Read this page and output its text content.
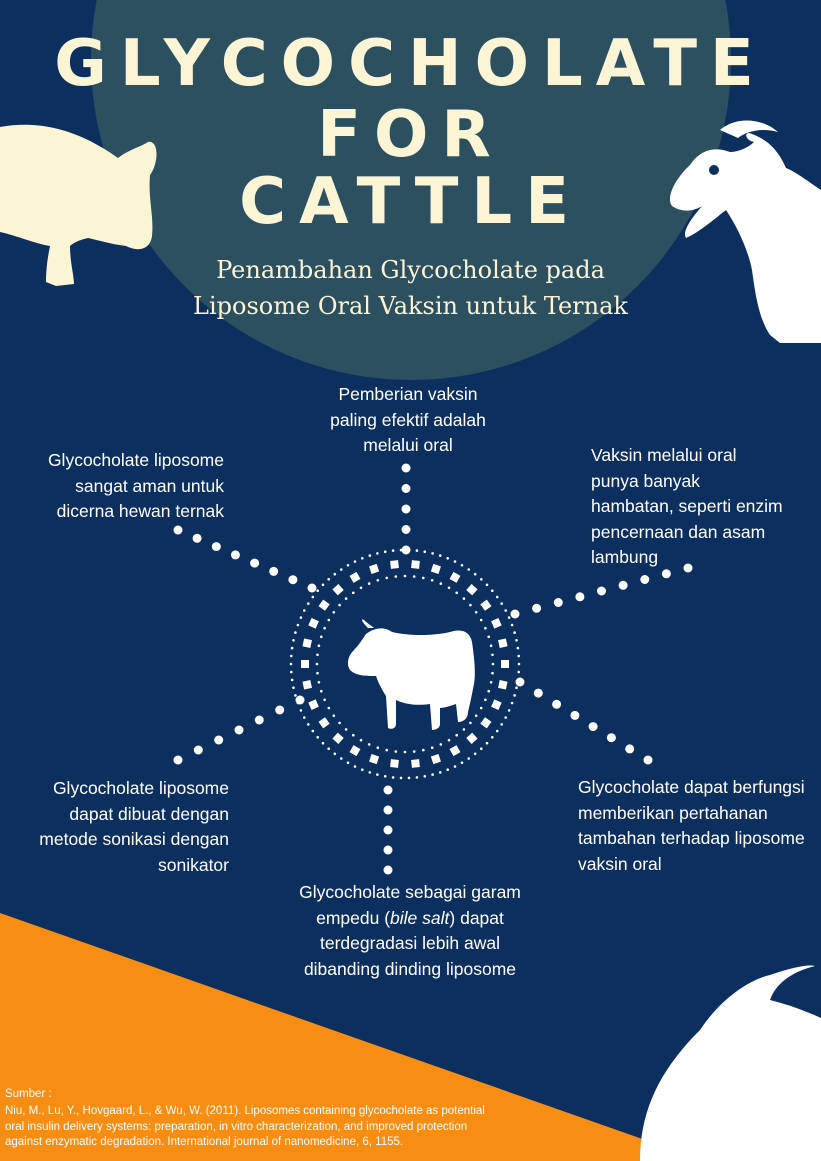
GLYCOCHOLATE
FOR
CATTLE
Penambahan Glycocholate pada
Liposome Oral Vaksin untuk Ternak
Pemberian vaksin
paling efektif adalah
melalui oral
Glycocholate liposome
sangat aman untuk
dicerna hewan ternak
Vaksin melalui oral
punya banyak
hambatan, seperti enzim
pencernaan dan asam
lambung
Glycocholate liposome
dapat dibuat dengan
metode sonikasi dengan
sonikator
Glycocholate dapat berfungsi
memberikan pertahanan
tambahan terhadap liposome
vaksin oral
Glycocholate sebagai garam
empedu (bile salt) dapat
terdegradasi lebih awal
dibanding dinding liposome
Sumber :
Niu, M., Lu, Y., Hovgaard, L., & Wu, W. (2011). Liposomes containing glycocholate as potential
oral insulin delivery systems: preparation, in vitro characterization, and improved protection
against enzymatic degradation. International journal of nanomedicine, 6, 1155.
